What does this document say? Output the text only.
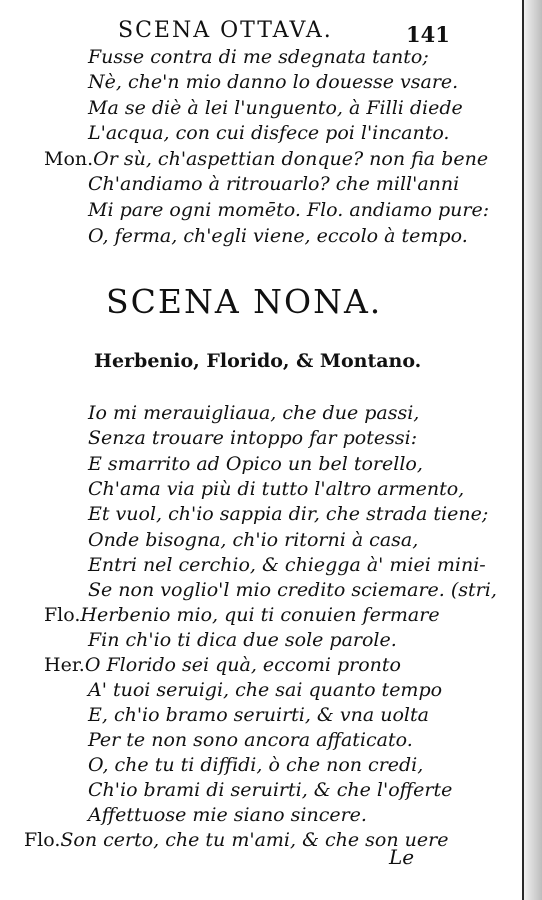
SCENA OTTAVA.	141
Fusse contra di me sdegnata tanto;
Nè, che'n mio danno lo douesse vsare.
Ma se diè à lei l'unguento, à Filli diede
L'acqua, con cui disfece poi l'incanto.
Mon.Or sù, ch'aspettian donque? non fia bene
Ch'andiamo à ritrouarlo? che mill'anni
Mi pare ogni momēto. Flo. andiamo pure:
O, ferma, ch'egli viene, eccolo à tempo.
SCENA NONA.
Herbenio, Florido, & Montano.
Io mi merauigliaua, che due passi,
Senza trouare intoppo far potessi:
E smarrito ad Opico un bel torello,
Ch'ama via più di tutto l'altro armento,
Et vuol, ch'io sappia dir, che strada tiene;
Onde bisogna, ch'io ritorni à casa,
Entri nel cerchio, & chiegga à' miei mini-
Se non voglio'l mio credito sciemare. (stri,
Flo.Herbenio mio, qui ti conuien fermare
Fin ch'io ti dica due sole parole.
Her.O Florido sei quà, eccomi pronto
A' tuoi seruigi, che sai quanto tempo
E, ch'io bramo seruirti, & vna uolta
Per te non sono ancora affaticato.
O, che tu ti diffidi, ò che non credi,
Ch'io brami di seruirti, & che l'offerte
Affettuose mie siano sincere.
Flo.Son certo, che tu m'ami, & che son uere
Le
